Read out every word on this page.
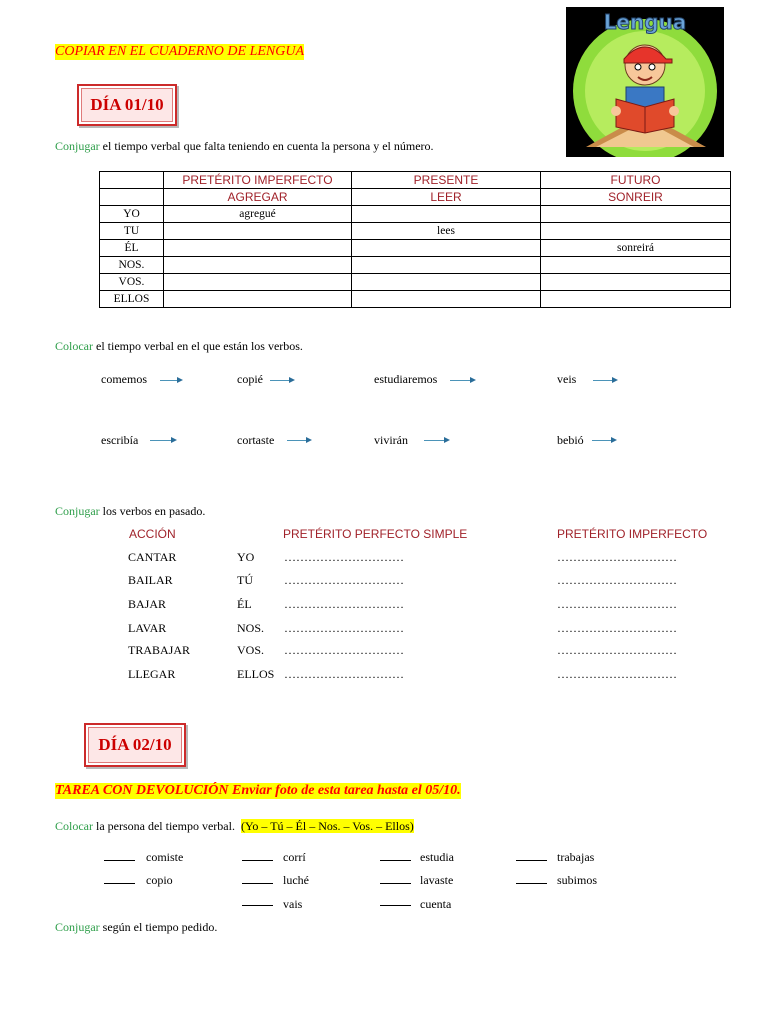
COPIAR EN EL CUADERNO DE LENGUA
Lengua
DÍA 01/10
Conjugar el tiempo verbal que falta teniendo en cuenta la persona y el número.
	PRETÉRITO IMPERFECTO	PRESENTE	FUTURO
	AGREGAR	LEER	SONREIR
YO	agregué		
TU		lees	
ÉL			sonreirá
NOS.			
VOS.			
ELLOS			
Colocar el tiempo verbal en el que están los verbos.
comemos	copié	estudiaremos	veis
escribía	cortaste	vivirán	bebió
Conjugar los verbos en pasado.
ACCIÓN	PRETÉRITO PERFECTO SIMPLE	PRETÉRITO IMPERFECTO
CANTAR	YO …………………………	…………………………
BAILAR	TÚ	…………………………	…………………………
BAJAR	ÉL	…………………………	…………………………
LAVAR	NOS. …………………………	…………………………
TRABAJAR	VOS. …………………………	…………………………
LLEGAR	ELLOS …………………………	…………………………
DÍA 02/10
TAREA CON DEVOLUCIÓN Enviar foto de esta tarea hasta el 05/10.
Colocar la persona del tiempo verbal. (Yo – Tú – Él – Nos. – Vos. – Ellos)
comiste	corrí	estudia	trabajas
copio	luché	lavaste	subimos
vais	cuenta
Conjugar según el tiempo pedido.
